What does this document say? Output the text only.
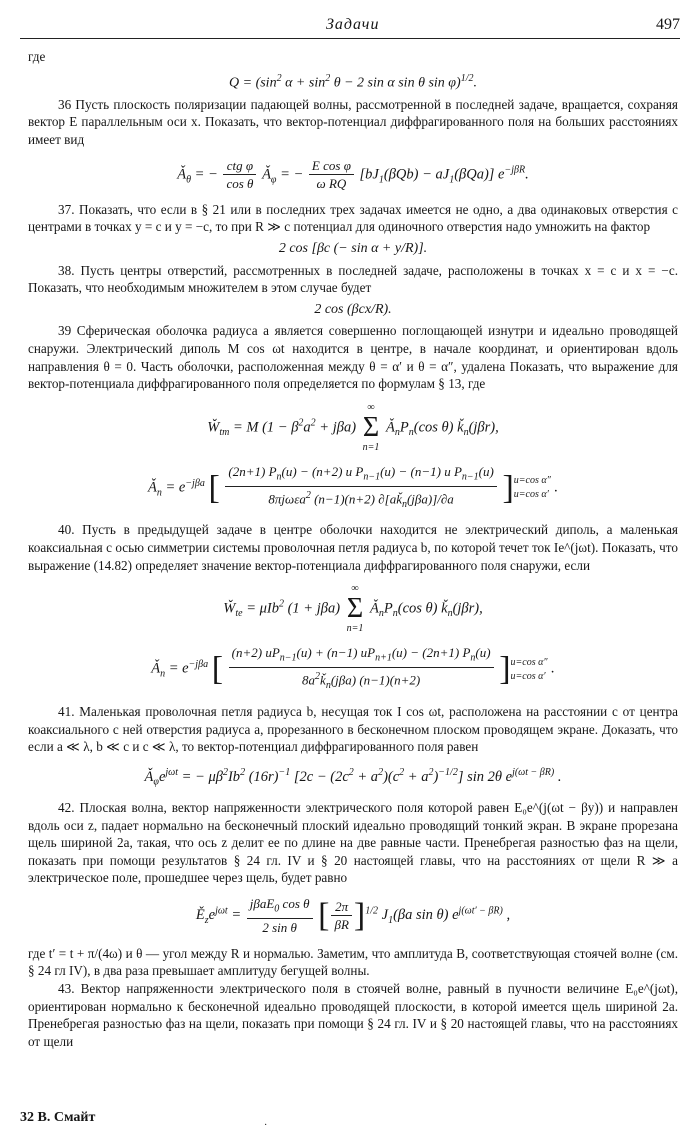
Задачи	497

где

$Q = (\sin^2$ $\alpha + \sin^2 \theta - 2$ sin α sin θ sin φ)$^{1/2}$.

36 Пусть плоскость поляризации падающей волны, рассмотренной в последней задаче, вращается, сохраняя вектор E параллельным оси x. Показать, что вектор-потенциал диффрагированного поля на больших расстояниях имеет вид

$Ǎ_\theta$ = − $\frac{\text{ctg φ}}{\text{cos θ}}$ $Ǎ_\varphi$ = − $\frac{\text{E cos φ}}{\text{ω RQ}} [bJ_1(\beta Qb) - aJ_1(\beta Qa)]$ $e^{-j\beta R}$.

37. Показать, что если в § 21 или в последних трех задачах имеется не одно, а два одинаковых отверстия с центрами в точках y = c и y = −c, то при R ≫ c потенциал для одиночного отверстия надо умножить на фактор

2 cos [βc (− sin α + y/R)].

38. Пусть центры отверстий, рассмотренных в последней задаче, расположены в точках x = c и x = −c. Показать, что необходимым множителем в этом случае будет

2 cos (βcx/R).

39 Сферическая оболочка радиуса a является совершенно поглощающей изнутри и идеально проводящей снаружи. Электрический диполь M cos ωt находится в центре, в начале координат, и ориентирован вдоль направления θ = 0. Часть оболочки, расположенная между θ = α′ и θ = α″, удалена Показать, что выражение для вектор-потенциала диффрагированного поля определяется по формулам § 13, где

$W̌_{tm} = M$ $(1 - \beta^2a^2 + j\beta a)$
∞
Σ
n=1
$Ǎ_nP_n(\cos$ θ) $ǩ_n(j\beta r)$,
$Ǎ_n = e^{-j\beta a}$ [ $\frac{(2n+1) P_n(u) - (n+2) u P_{n-1}(u) - (n-1) u P_{n-1}(u)}{8\pi j\omega\varepsilon a^2 (n-1)(n+2) \partial[aǩ_n(j\beta a)]/\partial a} ]u=\cos$ α″
u=cos α′ .

40. Пусть в предыдущей задаче в центре оболочки находится не электрический диполь, а маленькая коаксиальная с осью симметрии системы проволочная петля радиуса b, по которой течет ток Ie^(jωt). Показать, что выражение (14.82) определяет значение вектор-потенциала диффрагированного поля снаружи, если

$W̌_{te} = \mu Ib^2$ (1 + jβa)
∞
Σ
n=1
$Ǎ_nP_n(\cos$ θ) $ǩ_n(j\beta r)$,
$Ǎ_n = e^{-j\beta a}$ [ $\frac{(n+2) uP_{n-1}(u) + (n-1) uP_{n+1}(u) - (2n+1) P_n(u)}{8a^2ǩ_n(j\beta a) (n-1)(n+2)} ]u=\cos$ α″
u=cos α′ .

41. Маленькая проволочная петля радиуса b, несущая ток I cos ωt, расположена на расстоянии c от центра коаксиального с ней отверстия радиуса a, прорезанного в бесконечном плоском проводящем экране. Доказать, что если a ≪ λ, b ≪ c и c ≪ λ, то вектор-потенциал диффрагированного поля равен

$Ǎ_\varphi e^{j\omega t}$ = − $\mu\beta^2Ib^2$ $(16r)^{-1}$ $[2c - (2c^2 + a^2)(c^2 + a^2)^{-1/2}]$ sin 2θ $e^{j(\omega t - \beta R)}$ .

42. Плоская волна, вектор напряженности электрического поля которой равен E₀e^(j(ωt − βy)) и направлен вдоль оси z, падает нормально на бесконечный плоский идеально проводящий тонкий экран. В экране прорезана щель шириной 2a, такая, что ось z делит ее по длине на две равные части. Пренебрегая разностью фаз на щели, показать при помощи результатов § 24 гл. IV и § 20 настоящей главы, что на расстояниях от щели R ≫ a электрическое поле, прошедшее через щель, будет равно

$Ě_ze^{j\omega t} = \frac{j\beta aE_0 \cos \theta}{\text{2 sin θ}}$ [ $\frac{2\pi}{\beta R} ]^{1/2}$ $J_1(\beta a$ sin θ) $e^{j(\omega t' - \beta R)}$ ,

где t′ = t + π/(4ω) и θ — угол между R и нормалью. Заметим, что амплитуда B, соответствующая стоячей волне (см. § 24 гл IV), в два раза превышает амплитуду бегущей волны.

43. Вектор напряженности электрического поля в стоячей волне, равный в пучности величине E₀e^(jωt), ориентирован нормально к бесконечной идеально проводящей плоскости, в которой имеется щель шириной 2a. Пренебрегая разностью фаз на щели, показать при помощи § 24 гл. IV и § 20 настоящей главы, что на расстояниях от щели

32 В. Смайт
·
